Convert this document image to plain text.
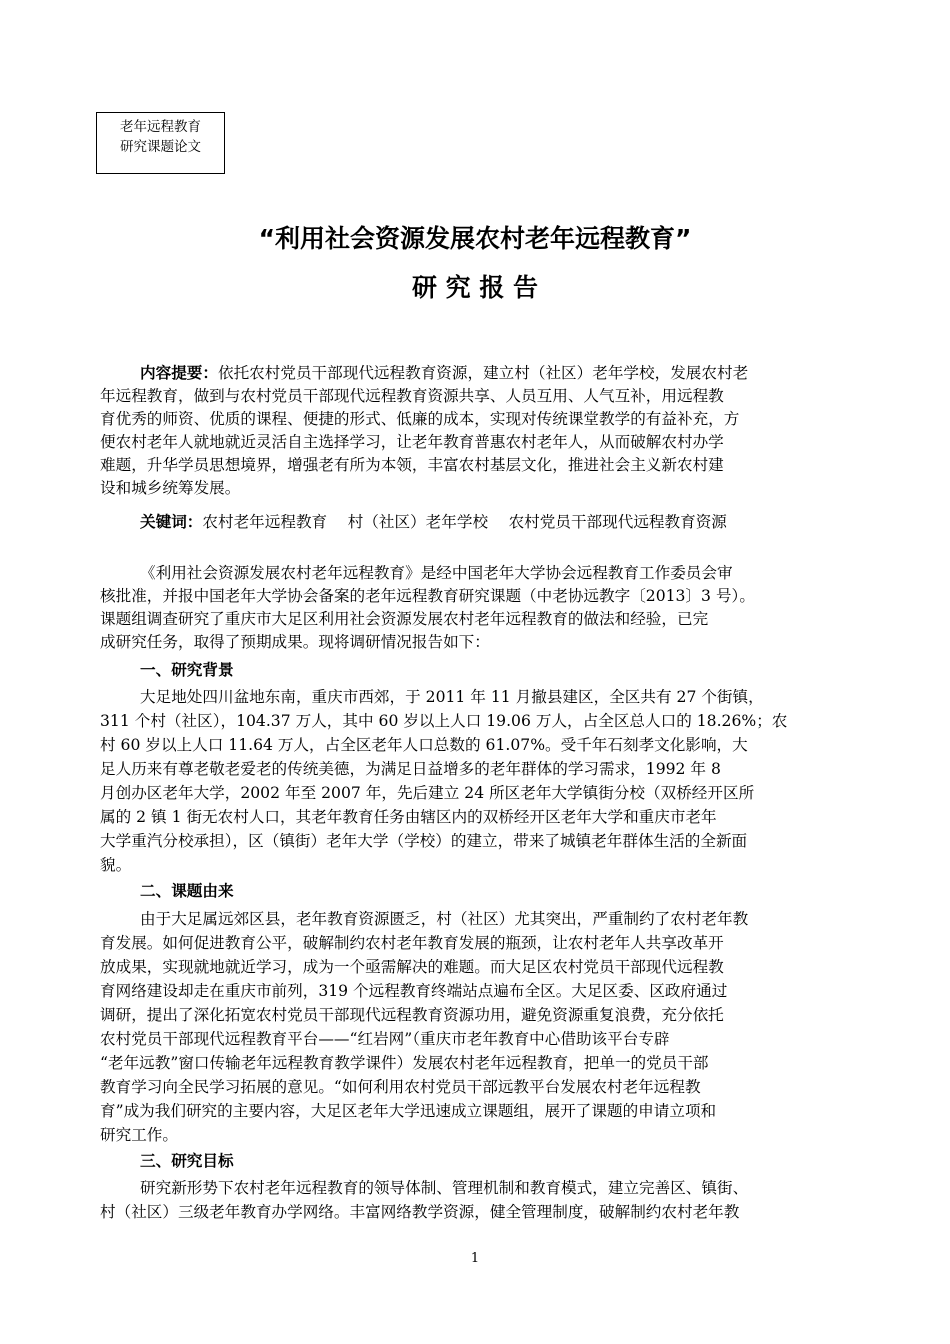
老年远程教育
研究课题论文
“利用社会资源发展农村老年远程教育”
研 究 报 告
内容提要：依托农村党员干部现代远程教育资源，建立村（社区）老年学校，发展农村老
年远程教育，做到与农村党员干部现代远程教育资源共享、人员互用、人气互补，用远程教
育优秀的师资、优质的课程、便捷的形式、低廉的成本，实现对传统课堂教学的有益补充，方
便农村老年人就地就近灵活自主选择学习，让老年教育普惠农村老年人，从而破解农村办学
难题，升华学员思想境界，增强老有所为本领，丰富农村基层文化，推进社会主义新农村建
设和城乡统筹发展。
关键词：农村老年远程教育　 村（社区）老年学校　 农村党员干部现代远程教育资源
《利用社会资源发展农村老年远程教育》是经中国老年大学协会远程教育工作委员会审
核批准，并报中国老年大学协会备案的老年远程教育研究课题（中老协远教字〔2013〕3 号）。
课题组调查研究了重庆市大足区利用社会资源发展农村老年远程教育的做法和经验，已完
成研究任务，取得了预期成果。现将调研情况报告如下：
一、研究背景
大足地处四川盆地东南，重庆市西郊，于 2011 年 11 月撤县建区，全区共有 27 个街镇，
311 个村（社区），104.37 万人，其中 60 岁以上人口 19.06 万人，占全区总人口的 18.26%；农
村 60 岁以上人口 11.64 万人，占全区老年人口总数的 61.07%。受千年石刻孝文化影响，大
足人历来有尊老敬老爱老的传统美德，为满足日益增多的老年群体的学习需求，1992 年 8
月创办区老年大学，2002 年至 2007 年，先后建立 24 所区老年大学镇街分校（双桥经开区所
属的 2 镇 1 街无农村人口，其老年教育任务由辖区内的双桥经开区老年大学和重庆市老年
大学重汽分校承担），区（镇街）老年大学（学校）的建立，带来了城镇老年群体生活的全新面
貌。
二、课题由来
由于大足属远郊区县，老年教育资源匮乏，村（社区）尤其突出，严重制约了农村老年教
育发展。如何促进教育公平，破解制约农村老年教育发展的瓶颈，让农村老年人共享改革开
放成果，实现就地就近学习，成为一个亟需解决的难题。而大足区农村党员干部现代远程教
育网络建设却走在重庆市前列，319 个远程教育终端站点遍布全区。大足区委、区政府通过
调研，提出了深化拓宽农村党员干部现代远程教育资源功用，避免资源重复浪费，充分依托
农村党员干部现代远程教育平台——“红岩网”（重庆市老年教育中心借助该平台专辟
“老年远教”窗口传输老年远程教育教学课件）发展农村老年远程教育，把单一的党员干部
教育学习向全民学习拓展的意见。“如何利用农村党员干部远教平台发展农村老年远程教
育”成为我们研究的主要内容，大足区老年大学迅速成立课题组，展开了课题的申请立项和
研究工作。
三、研究目标
研究新形势下农村老年远程教育的领导体制、管理机制和教育模式，建立完善区、镇街、
村（社区）三级老年教育办学网络。丰富网络教学资源，健全管理制度，破解制约农村老年教
1
